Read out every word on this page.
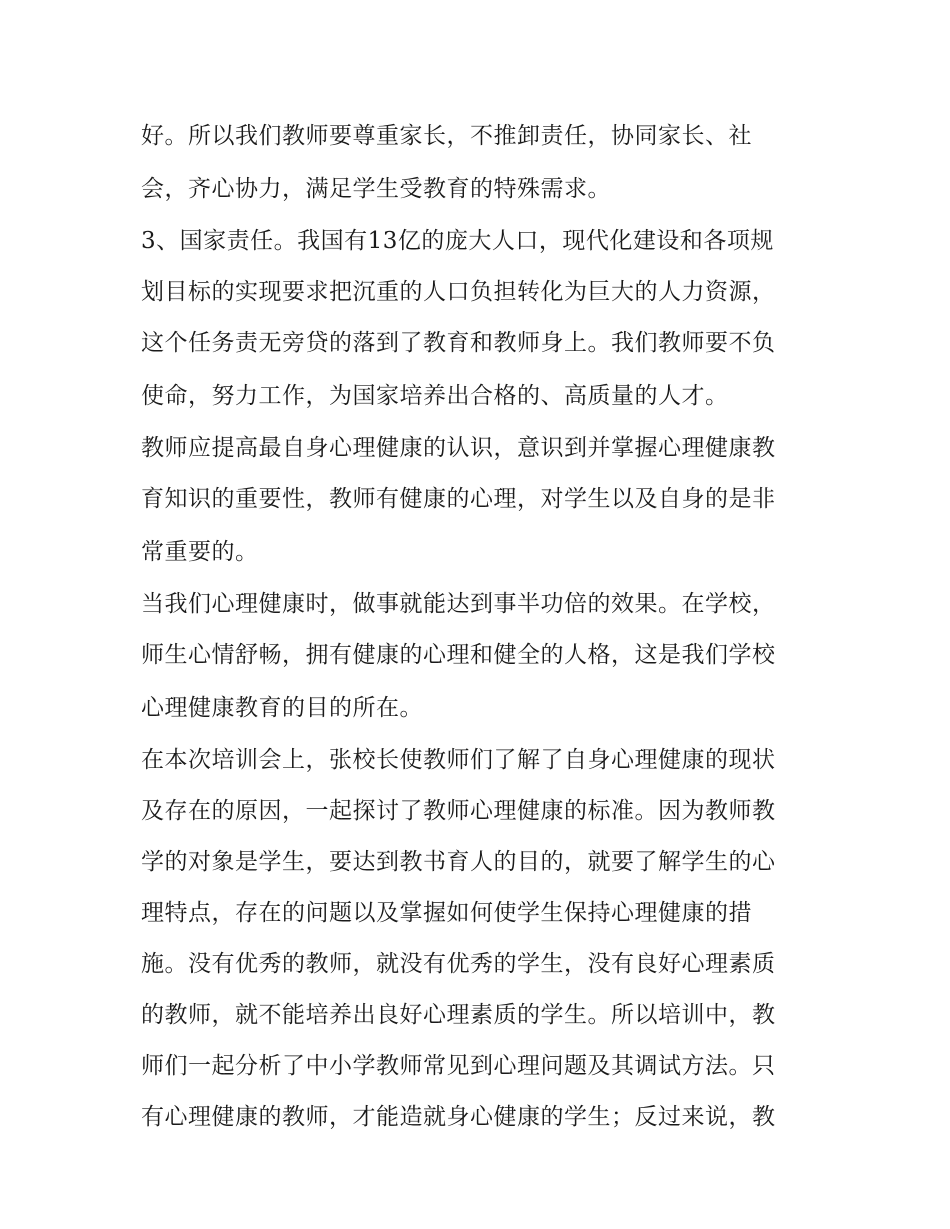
好。所以我们教师要尊重家长，不推卸责任，协同家长、社
会，齐心协力，满足学生受教育的特殊需求。
3、国家责任。我国有13亿的庞大人口，现代化建设和各项规
划目标的实现要求把沉重的人口负担转化为巨大的人力资源，
这个任务责无旁贷的落到了教育和教师身上。我们教师要不负
使命，努力工作，为国家培养出合格的、高质量的人才。
教师应提高最自身心理健康的认识，意识到并掌握心理健康教
育知识的重要性，教师有健康的心理，对学生以及自身的是非
常重要的。
当我们心理健康时，做事就能达到事半功倍的效果。在学校，
师生心情舒畅，拥有健康的心理和健全的人格，这是我们学校
心理健康教育的目的所在。
在本次培训会上，张校长使教师们了解了自身心理健康的现状
及存在的原因，一起探讨了教师心理健康的标准。因为教师教
学的对象是学生，要达到教书育人的目的，就要了解学生的心
理特点，存在的问题以及掌握如何使学生保持心理健康的措
施。没有优秀的教师，就没有优秀的学生，没有良好心理素质
的教师，就不能培养出良好心理素质的学生。所以培训中，教
师们一起分析了中小学教师常见到心理问题及其调试方法。只
有心理健康的教师，才能造就身心健康的学生；反过来说，教
